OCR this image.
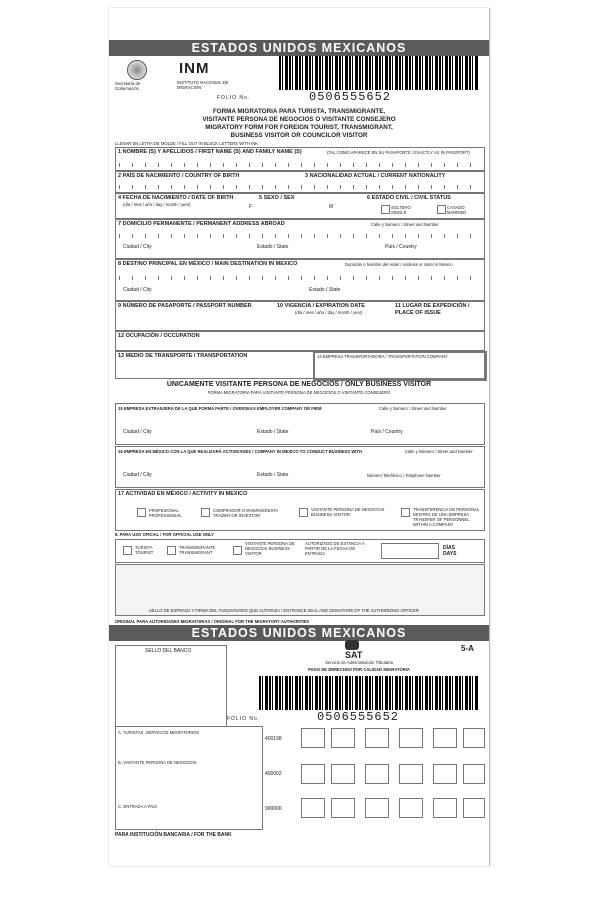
ESTADOS UNIDOS MEXICANOS
Secretaría de Gobernación
INM
INSTITUTO NACIONAL DE MIGRACIÓN
FOLIO No.	0506555652
FORMA MIGRATORIA PARA TURISTA, TRANSMIGRANTE,
VISITANTE PERSONA DE NEGOCIOS O VISITANTE CONSEJERO
MIGRATORY FORM FOR FOREIGN TOURIST, TRANSMIGRANT,
BUSINESS VISITOR OR COUNCILOR VISITOR
LLENAR EN LETRA DE MOLDE / FILL OUT IN BLOCK LETTERS WITH INK
1 NOMBRE (S) Y APELLIDOS / FIRST NAME (S) AND FAMILY NAME (S)	(TAL COMO APARECE EN SU PASAPORTE / EXACTLY AS IN PASSPORT)
2 PAÍS DE NACIMIENTO / COUNTRY OF BIRTH	3 NACIONALIDAD ACTUAL / CURRENT NATIONALITY
4 FECHA DE NACIMIENTO / DATE OF BIRTH
(día / mes / año / day / month / year)
5 SEXO / SEX
F	M
6 ESTADO CIVIL / CIVIL STATUS
SOLTERO SINGLE
CASADO MARRIED
7 DOMICILIO PERMANENTE / PERMANENT ADDRESS ABROAD	Calle y Número / Street and Number
Ciudad / City	Estado / State	País / Country
8 DESTINO PRINCIPAL EN MÉXICO / MAIN DESTINATION IN MEXICO	Domicilio o Nombre del Hotel / Address or Hotel in Mexico
Ciudad / City	Estado / State
9 NÚMERO DE PASAPORTE / PASSPORT NUMBER	10 VIGENCIA / EXPIRATION DATE
(día / mes / año / day / month / year)
11 LUGAR DE EXPEDICIÓN / PLACE OF ISSUE
12 OCUPACIÓN / OCCUPATION
13 MEDIO DE TRANSPORTE / TRANSPORTATION	14 EMPRESA TRANSPORTADORA / TRANSPORTATION COMPANY
ÚNICAMENTE VISITANTE PERSONA DE NEGOCIOS / ONLY BUSINESS VISITOR
FORMA MIGRATORIA PARA VISITANTE PERSONA DE NEGOCIOS O VISITANTE CONSEJERO
15 EMPRESA EXTRANJERA DE LA QUE FORMA PARTE / OVERSEAS EMPLOYER COMPANY OR FIRM	Calle y Número / Street and Number
Ciudad / City	Estado / State	País / Country
16 EMPRESA EN MÉXICO CON LA QUE REALIZARÁ ACTIVIDADES / COMPANY IN MEXICO TO CONDUCT BUSINESS WITH	Calle y Número / Street and Number
Ciudad / City	Estado / State	Número Telefónico / Telephone Number
17 ACTIVIDAD EN MÉXICO / ACTIVITY IN MEXICO
PROFESIONAL PROFESSIONAL
COMPRADOR O INVERSIONISTA TRADER OR INVESTOR
VISITANTE PERSONA DE NEGOCIOS BUSINESS VISITOR
TRANSFERENCIA DE PERSONAL DENTRO DE UNA EMPRESA TRANSFER OF PERSONNEL WITHIN A COMPANY
8. PARA USO OFICIAL / FOR OFFICIAL USE ONLY
TURISTA TOURIST
TRANSMIGRANTE TRANSMIGRANT
VISITANTE PERSONA DE NEGOCIOS BUSINESS VISITOR
AUTORIZADO DE ESTANCIA A PARTIR DE LA FECHA DE ENTRADA
DÍAS DAYS
SELLO DE ENTRADA Y FIRMA DEL FUNCIONARIO QUE AUTORIZA / ENTRANCE SEAL AND SIGNATURE OF THE AUTHORIZING OFFICER
ORIGINAL PARA AUTORIDADES MIGRATORIAS / ORIGINAL FOR THE MIGRATORY AUTHORITIES
ESTADOS UNIDOS MEXICANOS
5-A
SELLO DEL BANCO	SAT
Servicio de Administración Tributaria
PAGO DE DERECHOS POR CALIDAD MIGRATORIA
FOLIO No.	0506555652
A. TURISTAS, SERVICIOS MIGRATORIOS
400198
B. VISITANTE PERSONA DE NEGOCIOS
400002
C. ENTRADA A PAÍS	900006
PARA INSTITUCIÓN BANCARIA / FOR THE BANK
